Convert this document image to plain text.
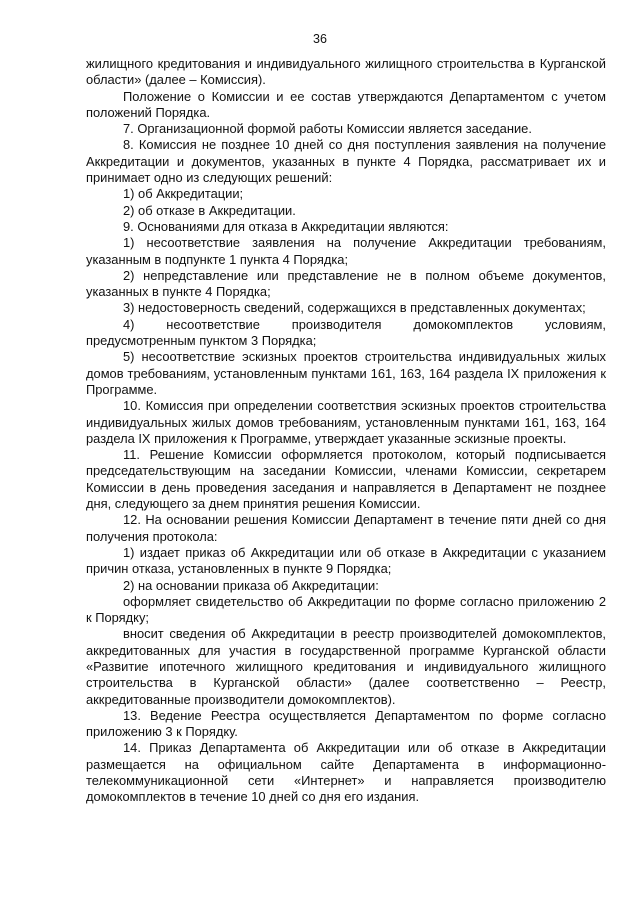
36

жилищного кредитования и индивидуального жилищного строительства в Курганской области» (далее – Комиссия).

Положение о Комиссии и ее состав утверждаются Департаментом с учетом положений Порядка.

7. Организационной формой работы Комиссии является заседание.

8. Комиссия не позднее 10 дней со дня поступления заявления на получение Аккредитации и документов, указанных в пункте 4 Порядка, рассматривает их и принимает одно из следующих решений:

1) об Аккредитации;

2) об отказе в Аккредитации.

9. Основаниями для отказа в Аккредитации являются:

1) несоответствие заявления на получение Аккредитации требованиям, указанным в подпункте 1 пункта 4 Порядка;

2) непредставление или представление не в полном объеме документов, указанных в пункте 4 Порядка;

3) недостоверность сведений, содержащихся в представленных документах;

4) несоответствие производителя домокомплектов условиям, предусмотренным пунктом 3 Порядка;

5) несоответствие эскизных проектов строительства индивидуальных жилых домов требованиям, установленным пунктами 161, 163, 164 раздела IX приложения к Программе.

10. Комиссия при определении соответствия эскизных проектов строительства индивидуальных жилых домов требованиям, установленным пунктами 161, 163, 164 раздела IX приложения к Программе, утверждает указанные эскизные проекты.

11. Решение Комиссии оформляется протоколом, который подписывается председательствующим на заседании Комиссии, членами Комиссии, секретарем Комиссии в день проведения заседания и направляется в Департамент не позднее дня, следующего за днем принятия решения Комиссии.

12. На основании решения Комиссии Департамент в течение пяти дней со дня получения протокола:

1) издает приказ об Аккредитации или об отказе в Аккредитации с указанием причин отказа, установленных в пункте 9 Порядка;

2) на основании приказа об Аккредитации:

оформляет свидетельство об Аккредитации по форме согласно приложению 2 к Порядку;

вносит сведения об Аккредитации в реестр производителей домокомплектов, аккредитованных для участия в государственной программе Курганской области «Развитие ипотечного жилищного кредитования и индивидуального жилищного строительства в Курганской области» (далее соответственно – Реестр, аккредитованные производители домокомплектов).

13. Ведение Реестра осуществляется Департаментом по форме согласно приложению 3 к Порядку.

14. Приказ Департамента об Аккредитации или об отказе в Аккредитации размещается на официальном сайте Департамента в информационно-телекоммуникационной сети «Интернет» и направляется производителю домокомплектов в течение 10 дней со дня его издания.
